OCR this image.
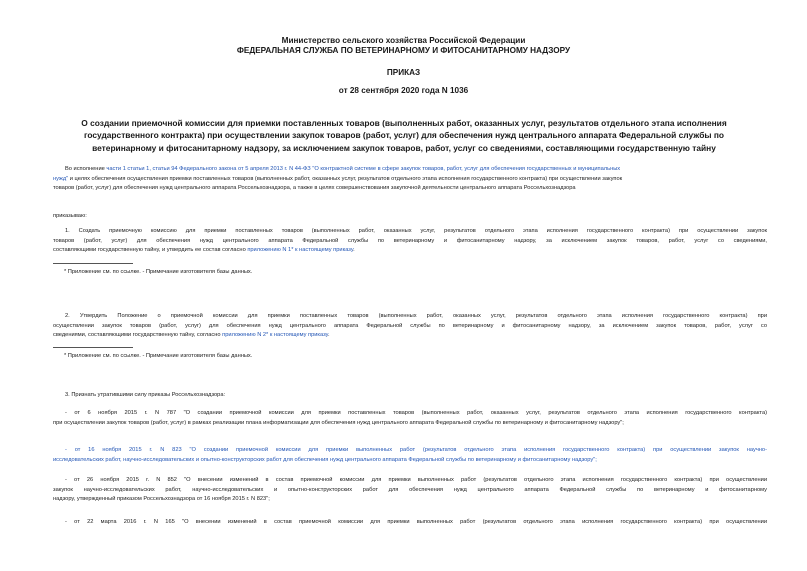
Министерство сельского хозяйства Российской Федерации
ФЕДЕРАЛЬНАЯ СЛУЖБА ПО ВЕТЕРИНАРНОМУ И ФИТОСАНИТАРНОМУ НАДЗОРУ
ПРИКАЗ
от 28 сентября 2020 года N 1036
О создании приемочной комиссии для приемки поставленных товаров (выполненных работ, оказанных услуг, результатов отдельного этапа исполнения
государственного контракта) при осуществлении закупок товаров (работ, услуг) для обеспечения нужд центрального аппарата Федеральной службы по
ветеринарному и фитосанитарному надзору, за исключением закупок товаров, работ, услуг со сведениями, составляющими государственную тайну
Во исполнение части 1 статьи 1, статьи 94 Федерального закона от 5 апреля 2013 г. N 44-ФЗ "О контрактной системе в сфере закупок товаров, работ, услуг для обеспечения государственных и муниципальных
нужд" и целях обеспечения осуществления приемки поставленных товаров (выполненных работ, оказанных услуг, результатов отдельного этапа исполнения государственного контракта) при осуществлении закупок
товаров (работ, услуг) для обеспечения нужд центрального аппарата Россельхознадзора, а также в целях совершенствования закупочной деятельности центрального аппарата Россельхознадзора
приказываю:
1. Создать приемочную комиссию для приемки поставленных товаров (выполненных работ, оказанных услуг, результатов отдельного этапа исполнения государственного контракта) при осуществлении закупок
товаров (работ, услуг) для обеспечения нужд центрального аппарата Федеральной службы по ветеринарному и фитосанитарному надзору, за исключением закупок товаров, работ, услуг со сведениями,
составляющими государственную тайну, и утвердить ее состав согласно приложению N 1* к настоящему приказу.
* Приложение см. по ссылке. - Примечание изготовителя базы данных.
2. Утвердить Положение о приемочной комиссии для приемки поставленных товаров (выполненных работ, оказанных услуг, результатов отдельного этапа исполнения государственного контракта) при
осуществлении закупок товаров (работ, услуг) для обеспечения нужд центрального аппарата Федеральной службы по ветеринарному и фитосанитарному надзору, за исключением закупок товаров, работ, услуг со
сведениями, составляющими государственную тайну, согласно приложению N 2* к настоящему приказу.
* Приложение см. по ссылке. - Примечание изготовителя базы данных.
3. Признать утратившими силу приказы Россельхознадзора:
- от 6 ноября 2015 г. N 787 "О создании приемочной комиссии для приемки поставленных товаров (выполненных работ, оказанных услуг, результатов отдельного этапа исполнения государственного контракта)
при осуществлении закупок товаров (работ, услуг) в рамках реализации плана информатизации для обеспечения нужд центрального аппарата Федеральной службы по ветеринарному и фитосанитарному надзору";
- от 16 ноября 2015 г. N 823 "О создании приемочной комиссии для приемки выполненных работ (результатов отдельного этапа исполнения государственного контракта) при осуществлении закупок научно-
исследовательских работ, научно-исследовательских и опытно-конструкторских работ для обеспечения нужд центрального аппарата Федеральной службы по ветеринарному и фитосанитарному надзору";
- от 26 ноября 2015 г. N 852 "О внесении изменений в состав приемочной комиссии для приемки выполненных работ (результатов отдельного этапа исполнения государственного контракта) при осуществлении
закупок научно-исследовательских работ, научно-исследовательских и опытно-конструкторских работ для обеспечения нужд центрального аппарата Федеральной службы по ветеринарному и фитосанитарному
надзору, утвержденный приказом Россельхознадзора от 16 ноября 2015 г. N 823";
- от 22 марта 2016 г. N 165 "О внесении изменений в состав приемочной комиссии для приемки выполненных работ (результатов отдельного этапа исполнения государственного контракта) при осуществлении
